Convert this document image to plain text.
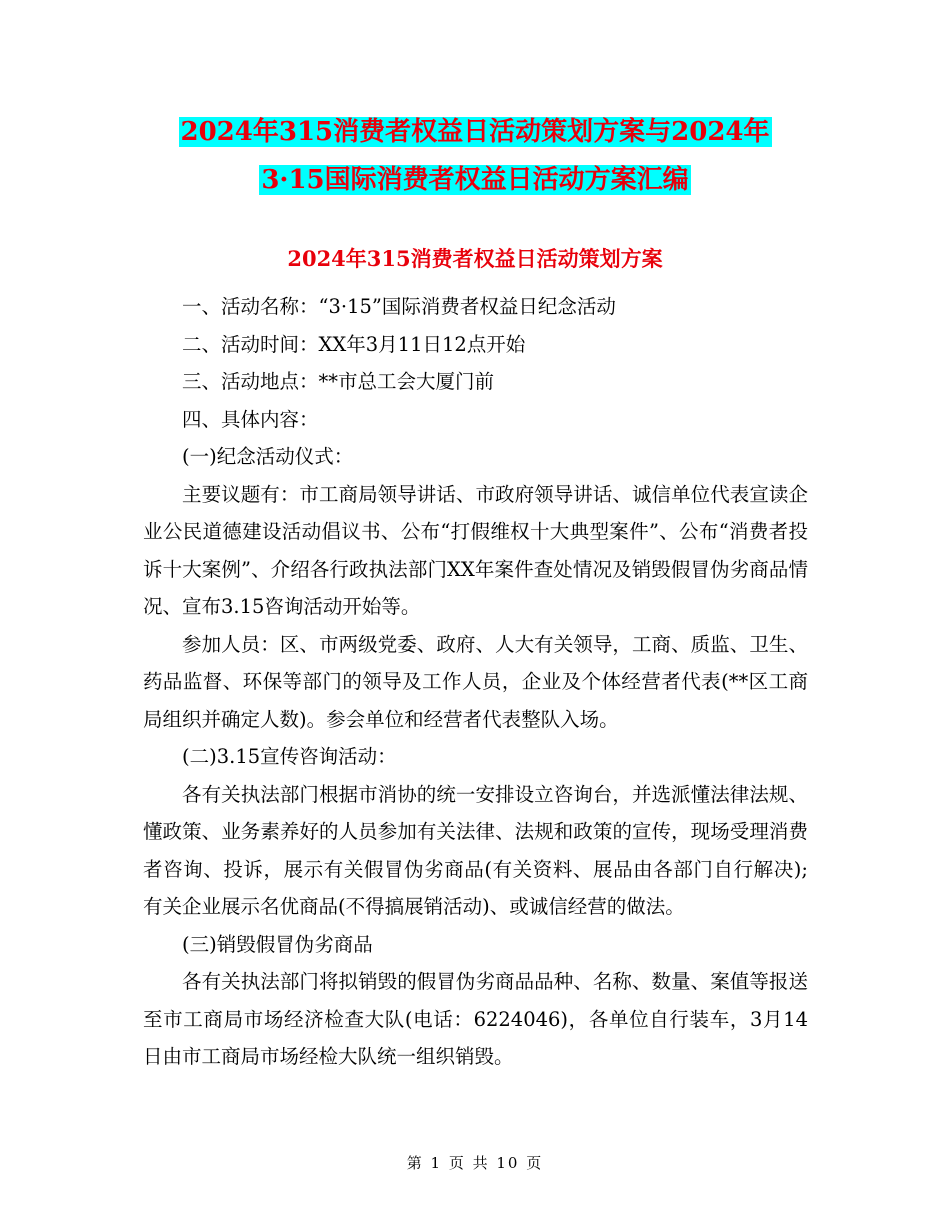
2024年315消费者权益日活动策划方案与2024年
3·15国际消费者权益日活动方案汇编
2024年315消费者权益日活动策划方案

一、活动名称：“3·15”国际消费者权益日纪念活动

二、活动时间：XX年3月11日12点开始

三、活动地点：**市总工会大厦门前

四、具体内容：

(一)纪念活动仪式：

主要议题有：市工商局领导讲话、市政府领导讲话、诚信单位代表宣读企业公民道德建设活动倡议书、公布“打假维权十大典型案件”、公布“消费者投诉十大案例”、介绍各行政执法部门XX年案件查处情况及销毁假冒伪劣商品情况、宣布3.15咨询活动开始等。

参加人员：区、市两级党委、政府、人大有关领导，工商、质监、卫生、药品监督、环保等部门的领导及工作人员，企业及个体经营者代表(**区工商局组织并确定人数)。参会单位和经营者代表整队入场。

(二)3.15宣传咨询活动：

各有关执法部门根据市消协的统一安排设立咨询台，并选派懂法律法规、懂政策、业务素养好的人员参加有关法律、法规和政策的宣传，现场受理消费者咨询、投诉，展示有关假冒伪劣商品(有关资料、展品由各部门自行解决);有关企业展示名优商品(不得搞展销活动)、或诚信经营的做法。

(三)销毁假冒伪劣商品

各有关执法部门将拟销毁的假冒伪劣商品品种、名称、数量、案值等报送至市工商局市场经济检查大队(电话：6224046)，各单位自行装车，3月14日由市工商局市场经检大队统一组织销毁。

第 1 页 共 10 页
